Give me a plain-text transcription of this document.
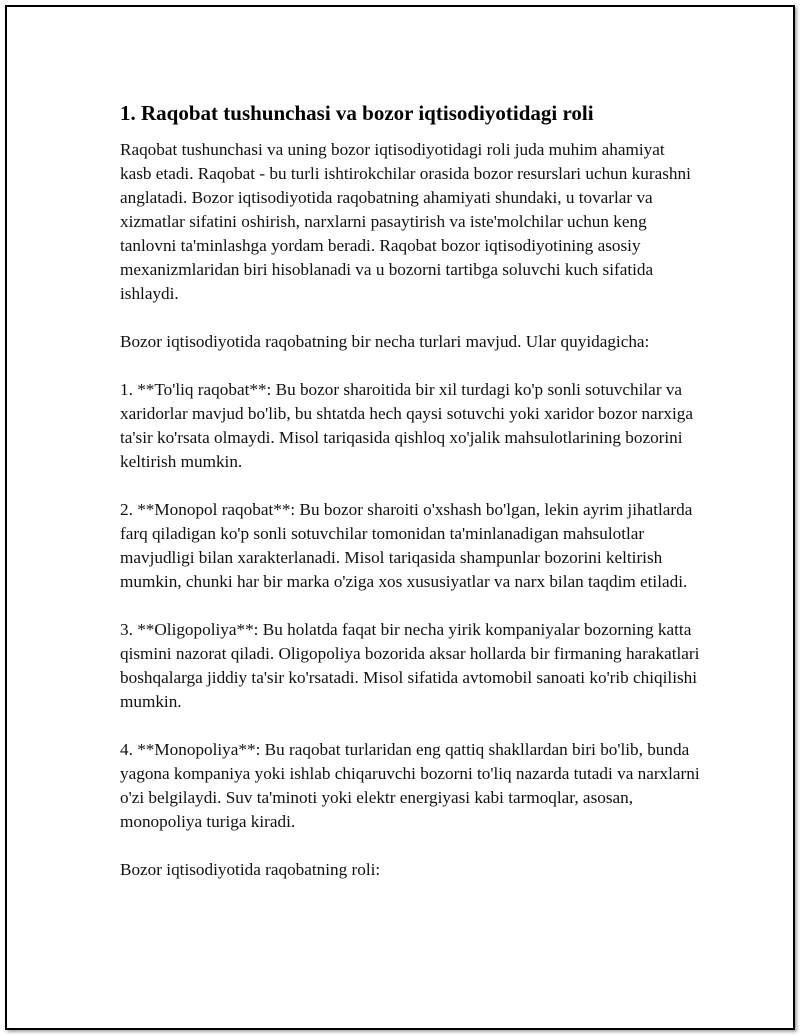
1. Raqobat tushunchasi va bozor iqtisodiyotidagi roli

Raqobat tushunchasi va uning bozor iqtisodiyotidagi roli juda muhim ahamiyat kasb etadi. Raqobat - bu turli ishtirokchilar orasida bozor resurslari uchun kurashni anglatadi. Bozor iqtisodiyotida raqobatning ahamiyati shundaki, u tovarlar va xizmatlar sifatini oshirish, narxlarni pasaytirish va iste'molchilar uchun keng tanlovni ta'minlashga yordam beradi. Raqobat bozor iqtisodiyotining asosiy mexanizmlaridan biri hisoblanadi va u bozorni tartibga soluvchi kuch sifatida ishlaydi.

Bozor iqtisodiyotida raqobatning bir necha turlari mavjud. Ular quyidagicha:

1. **To'liq raqobat**: Bu bozor sharoitida bir xil turdagi ko'p sonli sotuvchilar va xaridorlar mavjud bo'lib, bu shtatda hech qaysi sotuvchi yoki xaridor bozor narxiga ta'sir ko'rsata olmaydi. Misol tariqasida qishloq xo'jalik mahsulotlarining bozorini keltirish mumkin.

2. **Monopol raqobat**: Bu bozor sharoiti o'xshash bo'lgan, lekin ayrim jihatlarda farq qiladigan ko'p sonli sotuvchilar tomonidan ta'minlanadigan mahsulotlar mavjudligi bilan xarakterlanadi. Misol tariqasida shampunlar bozorini keltirish mumkin, chunki har bir marka o'ziga xos xususiyatlar va narx bilan taqdim etiladi.

3. **Oligopoliya**: Bu holatda faqat bir necha yirik kompaniyalar bozorning katta qismini nazorat qiladi. Oligopoliya bozorida aksar hollarda bir firmaning harakatlari boshqalarga jiddiy ta'sir ko'rsatadi. Misol sifatida avtomobil sanoati ko'rib chiqilishi mumkin.

4. **Monopoliya**: Bu raqobat turlaridan eng qattiq shakllardan biri bo'lib, bunda yagona kompaniya yoki ishlab chiqaruvchi bozorni to'liq nazarda tutadi va narxlarni o'zi belgilaydi. Suv ta'minoti yoki elektr energiyasi kabi tarmoqlar, asosan, monopoliya turiga kiradi.

Bozor iqtisodiyotida raqobatning roli:
